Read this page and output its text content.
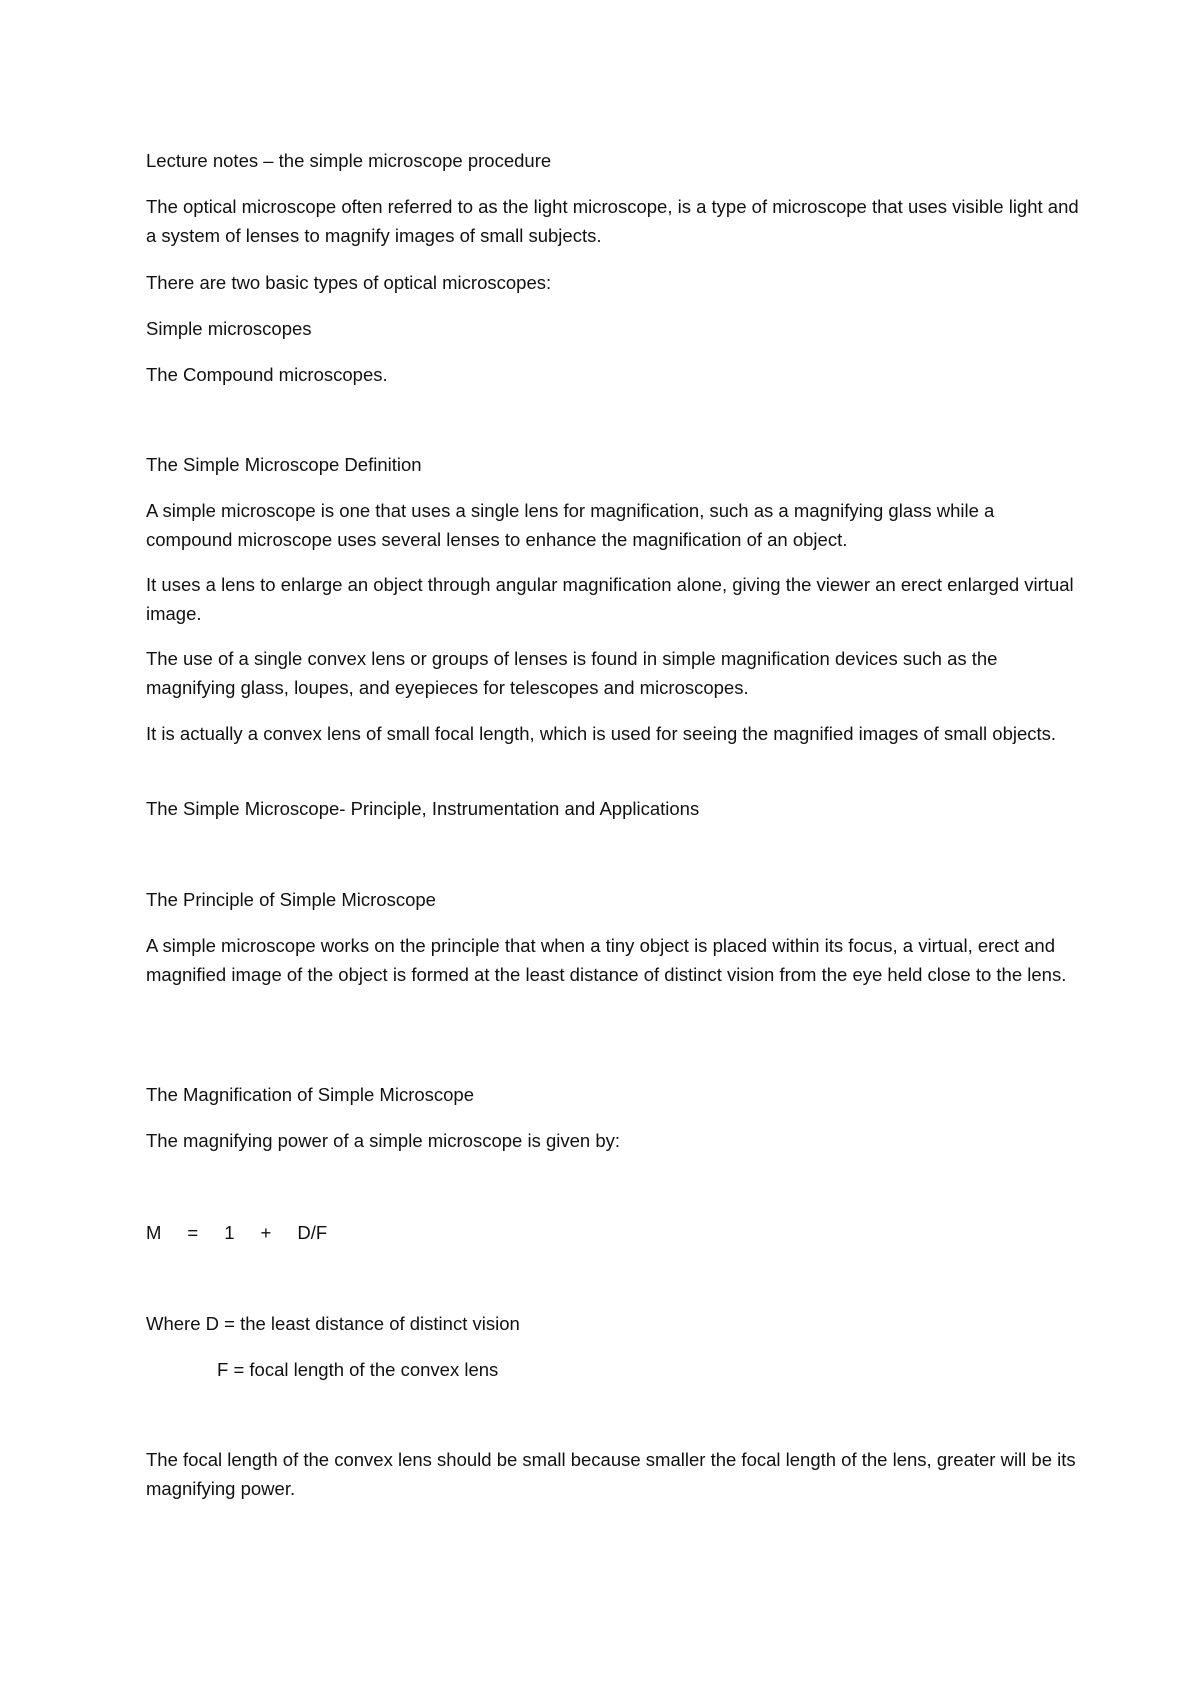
Lecture notes – the simple microscope procedure

The optical microscope often referred to as the light microscope, is a type of microscope that uses visible light and a system of lenses to magnify images of small subjects.

There are two basic types of optical microscopes:

Simple microscopes

The Compound microscopes.

The Simple Microscope Definition

A simple microscope is one that uses a single lens for magnification, such as a magnifying glass while a compound microscope uses several lenses to enhance the magnification of an object.

It uses a lens to enlarge an object through angular magnification alone, giving the viewer an erect enlarged virtual image.

The use of a single convex lens or groups of lenses is found in simple magnification devices such as the magnifying glass, loupes, and eyepieces for telescopes and microscopes.

It is actually a convex lens of small focal length, which is used for seeing the magnified images of small objects.

The Simple Microscope- Principle, Instrumentation and Applications

The Principle of Simple Microscope

A simple microscope works on the principle that when a tiny object is placed within its focus, a virtual, erect and magnified image of the object is formed at the least distance of distinct vision from the eye held close to the lens.

The Magnification of Simple Microscope

The magnifying power of a simple microscope is given by:

M = 1 + D/F

Where D = the least distance of distinct vision

F = focal length of the convex lens

The focal length of the convex lens should be small because smaller the focal length of the lens, greater will be its magnifying power.
